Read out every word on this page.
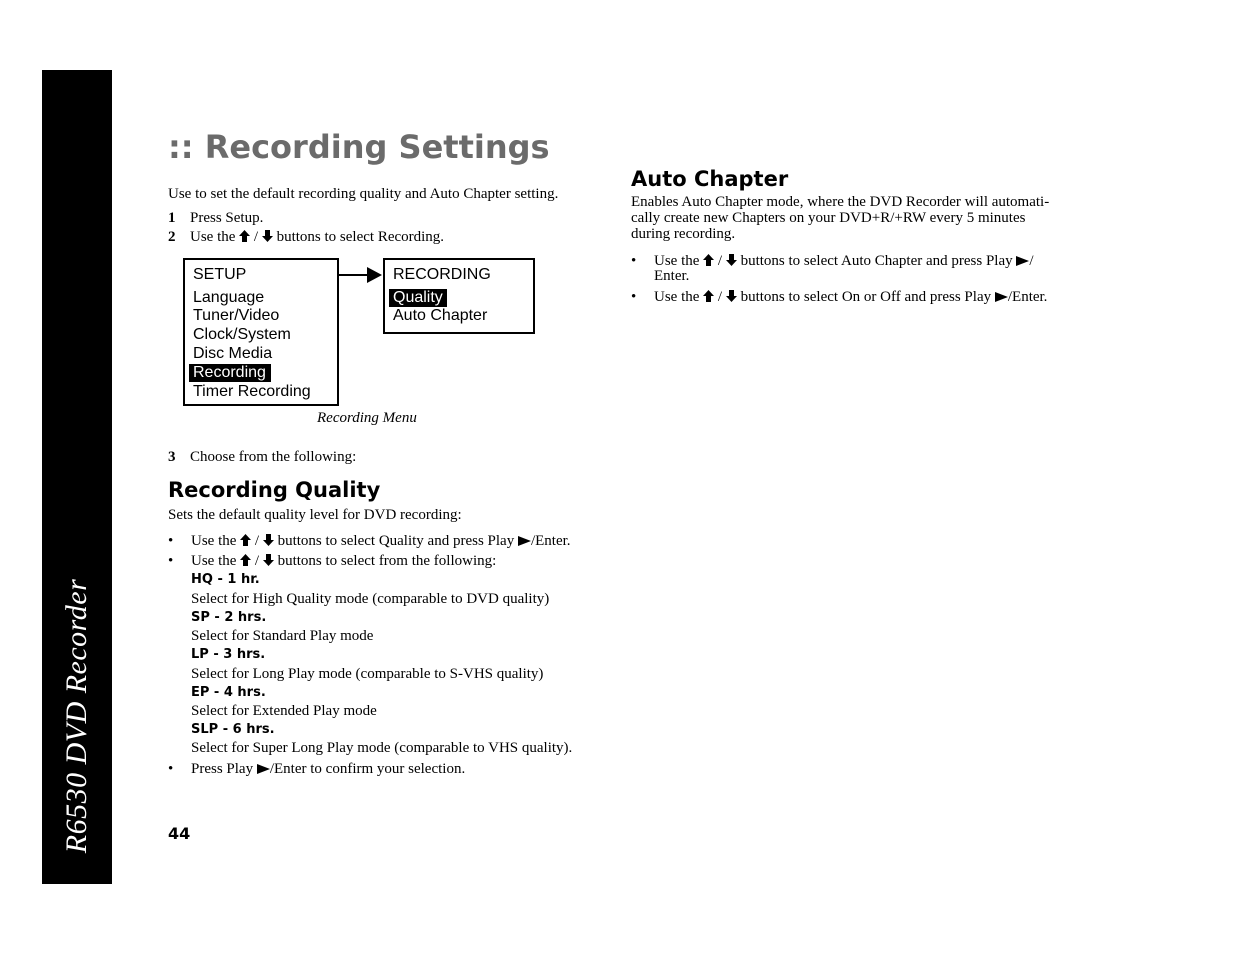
R6530 DVD Recorder
:: Recording Settings
Use to set the default recording quality and Auto Chapter setting.
1 Press Setup.
2 Use the / buttons to select Recording.
SETUP
Language
Tuner/Video
Clock/System
Disc Media
Recording
Timer Recording
RECORDING
Quality
Auto Chapter
Recording Menu
3 Choose from the following:
Recording Quality
Sets the default quality level for DVD recording:
• Use the / buttons to select Quality and press Play /Enter.
• Use the / buttons to select from the following:
HQ - 1 hr.
Select for High Quality mode (comparable to DVD quality)
SP - 2 hrs.
Select for Standard Play mode
LP - 3 hrs.
Select for Long Play mode (comparable to S-VHS quality)
EP - 4 hrs.
Select for Extended Play mode
SLP - 6 hrs.
Select for Super Long Play mode (comparable to VHS quality).
• Press Play /Enter to confirm your selection.
Auto Chapter
Enables Auto Chapter mode, where the DVD Recorder will automati-
cally create new Chapters on your DVD+R/+RW every 5 minutes
during recording.
• Use the / buttons to select Auto Chapter and press Play /
Enter.
• Use the / buttons to select On or Off and press Play /Enter.
44
